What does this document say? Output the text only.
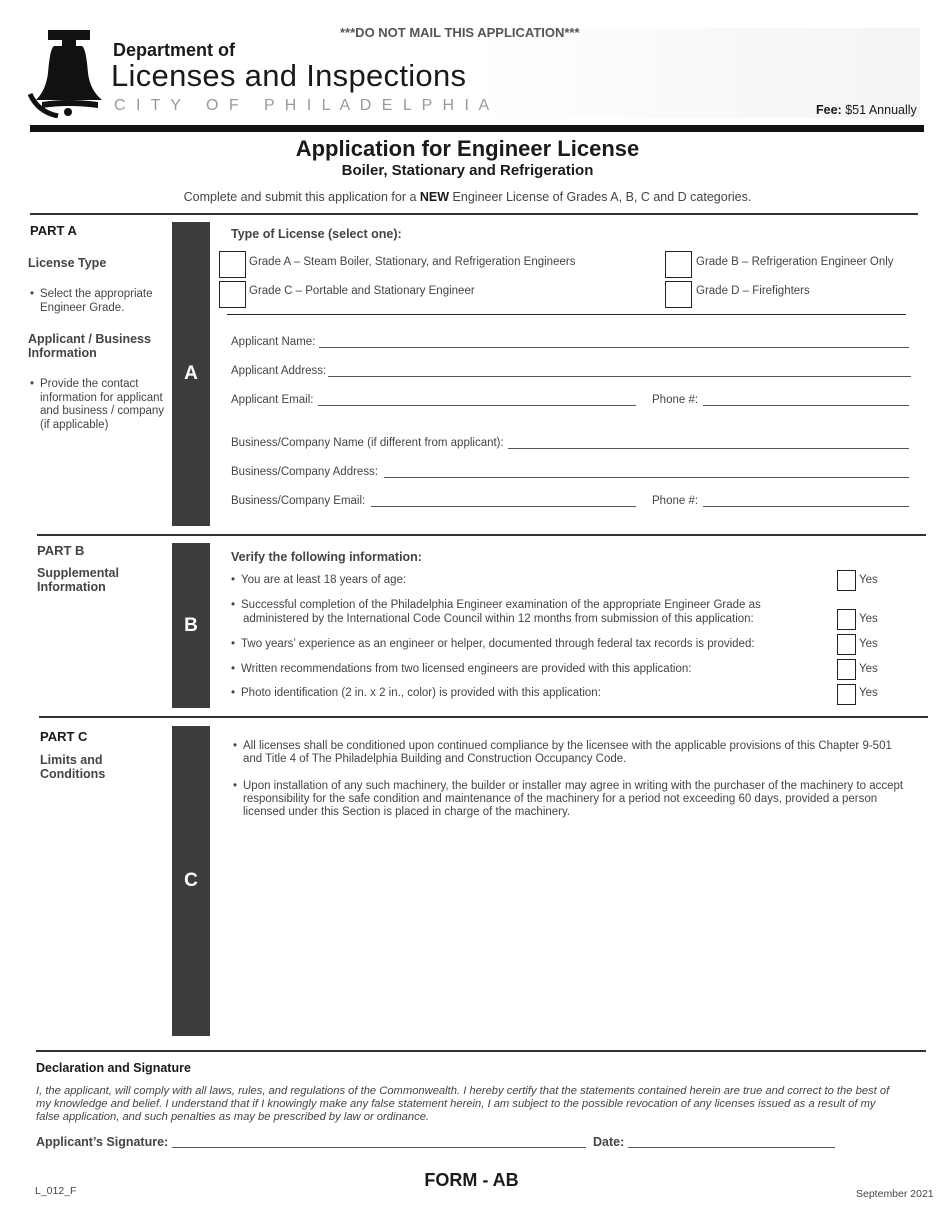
Department of
Licenses and Inspections
C I T Y   O F   P H I L A D E L P H I A
***DO NOT MAIL THIS APPLICATION***
Fee: $51 Annually
Application for Engineer License
Boiler, Stationary and Refrigeration
Complete and submit this application for a NEW Engineer License of Grades A, B, C and D categories.
PART A
License Type
• Select the appropriate Engineer Grade.
Applicant / Business Information
• Provide the contact information for applicant and business / company (if applicable)
A
Type of License (select one):
Grade A – Steam Boiler, Stationary, and Refrigeration Engineers	Grade B – Refrigeration Engineer Only
Grade C – Portable and Stationary Engineer	Grade D – Firefighters
Applicant Name:
Applicant Address:
Applicant Email:	Phone #:
Business/Company Name (if different from applicant):
Business/Company Address:
Business/Company Email:	Phone #:
PART B
Supplemental Information
B
Verify the following information:
• You are at least 18 years of age:	Yes
• Successful completion of the Philadelphia Engineer examination of the appropriate Engineer Grade as
administered by the International Code Council within 12 months from submission of this application:	Yes
• Two years’ experience as an engineer or helper, documented through federal tax records is provided:	Yes
• Written recommendations from two licensed engineers are provided with this application:	Yes
• Photo identification (2 in. x 2 in., color) is provided with this application:	Yes
PART C
Limits and Conditions
C
• All licenses shall be conditioned upon continued compliance by the licensee with the applicable provisions of this Chapter 9-501
and Title 4 of The Philadelphia Building and Construction Occupancy Code.
• Upon installation of any such machinery, the builder or installer may agree in writing with the purchaser of the machinery to accept
responsibility for the safe condition and maintenance of the machinery for a period not exceeding 60 days, provided a person
licensed under this Section is placed in charge of the machinery.
Declaration and Signature
I, the applicant, will comply with all laws, rules, and regulations of the Commonwealth. I hereby certify that the statements contained herein are true and correct to the best of
my knowledge and belief. I understand that if I knowingly make any false statement herein, I am subject to the possible revocation of any licenses issued as a result of my
false application, and such penalties as may be prescribed by law or ordinance.
Applicant’s Signature:	Date:
L_012_F
FORM - AB
September 2021
